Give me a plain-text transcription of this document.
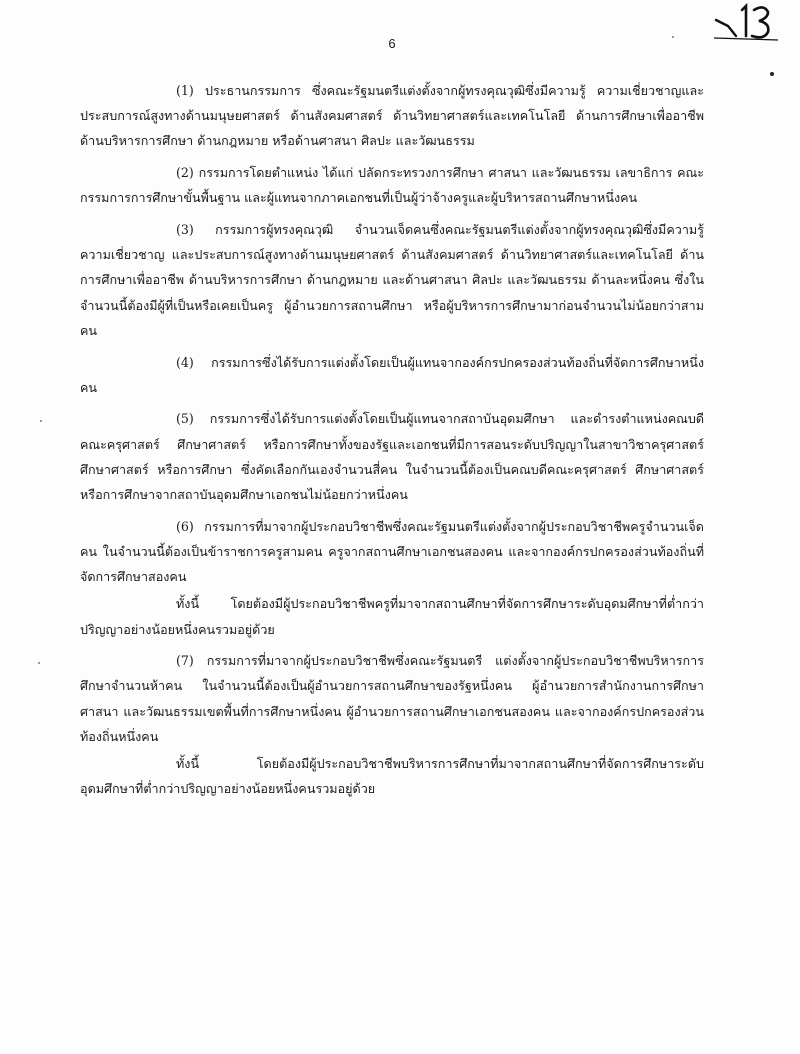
6

(1) ประธานกรรมการ ซึ่งคณะรัฐมนตรีแต่งตั้งจากผู้ทรงคุณวุฒิซึ่งมีความรู้ ความเชี่ยวชาญและประสบการณ์สูงทางด้านมนุษยศาสตร์ ด้านสังคมศาสตร์ ด้านวิทยาศาสตร์และเทคโนโลยี ด้านการศึกษาเพื่ออาชีพ ด้านบริหารการศึกษา ด้านกฎหมาย หรือด้านศาสนา ศิลปะ และวัฒนธรรม

(2) กรรมการโดยตำแหน่ง ได้แก่ ปลัดกระทรวงการศึกษา ศาสนา และวัฒนธรรม เลขาธิการ คณะกรรมการการศึกษาขั้นพื้นฐาน และผู้แทนจากภาคเอกชนที่เป็นผู้ว่าจ้างครูและผู้บริหารสถานศึกษาหนึ่งคน

(3) กรรมการผู้ทรงคุณวุฒิ จำนวนเจ็ดคนซึ่งคณะรัฐมนตรีแต่งตั้งจากผู้ทรงคุณวุฒิซึ่งมีความรู้ ความเชี่ยวชาญ และประสบการณ์สูงทางด้านมนุษยศาสตร์ ด้านสังคมศาสตร์ ด้านวิทยาศาสตร์และเทคโนโลยี ด้านการศึกษาเพื่ออาชีพ ด้านบริหารการศึกษา ด้านกฎหมาย และด้านศาสนา ศิลปะ และวัฒนธรรม ด้านละหนึ่งคน ซึ่งในจำนวนนี้ต้องมีผู้ที่เป็นหรือเคยเป็นครู ผู้อำนวยการสถานศึกษา หรือผู้บริหารการศึกษามาก่อนจำนวนไม่น้อยกว่าสามคน

(4) กรรมการซึ่งได้รับการแต่งตั้งโดยเป็นผู้แทนจากองค์กรปกครองส่วนท้องถิ่นที่จัดการศึกษาหนึ่งคน

(5) กรรมการซึ่งได้รับการแต่งตั้งโดยเป็นผู้แทนจากสถาบันอุดมศึกษา และดำรงตำแหน่งคณบดีคณะครุศาสตร์ ศึกษาศาสตร์ หรือการศึกษาทั้งของรัฐและเอกชนที่มีการสอนระดับปริญญาในสาขาวิชาครุศาสตร์ ศึกษาศาสตร์ หรือการศึกษา ซึ่งคัดเลือกกันเองจำนวนสี่คน ในจำนวนนี้ต้องเป็นคณบดีคณะครุศาสตร์ ศึกษาศาสตร์ หรือการศึกษาจากสถาบันอุดมศึกษาเอกชนไม่น้อยกว่าหนึ่งคน

(6) กรรมการที่มาจากผู้ประกอบวิชาชีพซึ่งคณะรัฐมนตรีแต่งตั้งจากผู้ประกอบวิชาชีพครูจำนวนเจ็ดคน ในจำนวนนี้ต้องเป็นข้าราชการครูสามคน ครูจากสถานศึกษาเอกชนสองคน และจากองค์กรปกครองส่วนท้องถิ่นที่จัดการศึกษาสองคน

ทั้งนี้ โดยต้องมีผู้ประกอบวิชาชีพครูที่มาจากสถานศึกษาที่จัดการศึกษาระดับอุดมศึกษาที่ต่ำกว่าปริญญาอย่างน้อยหนึ่งคนรวมอยู่ด้วย

(7) กรรมการที่มาจากผู้ประกอบวิชาชีพซึ่งคณะรัฐมนตรี แต่งตั้งจากผู้ประกอบวิชาชีพบริหารการศึกษาจำนวนห้าคน ในจำนวนนี้ต้องเป็นผู้อำนวยการสถานศึกษาของรัฐหนึ่งคน ผู้อำนวยการสำนักงานการศึกษา ศาสนา และวัฒนธรรมเขตพื้นที่การศึกษาหนึ่งคน ผู้อำนวยการสถานศึกษาเอกชนสองคน และจากองค์กรปกครองส่วนท้องถิ่นหนึ่งคน

ทั้งนี้ โดยต้องมีผู้ประกอบวิชาชีพบริหารการศึกษาที่มาจากสถานศึกษาที่จัดการศึกษาระดับอุดมศึกษาที่ต่ำกว่าปริญญาอย่างน้อยหนึ่งคนรวมอยู่ด้วย
